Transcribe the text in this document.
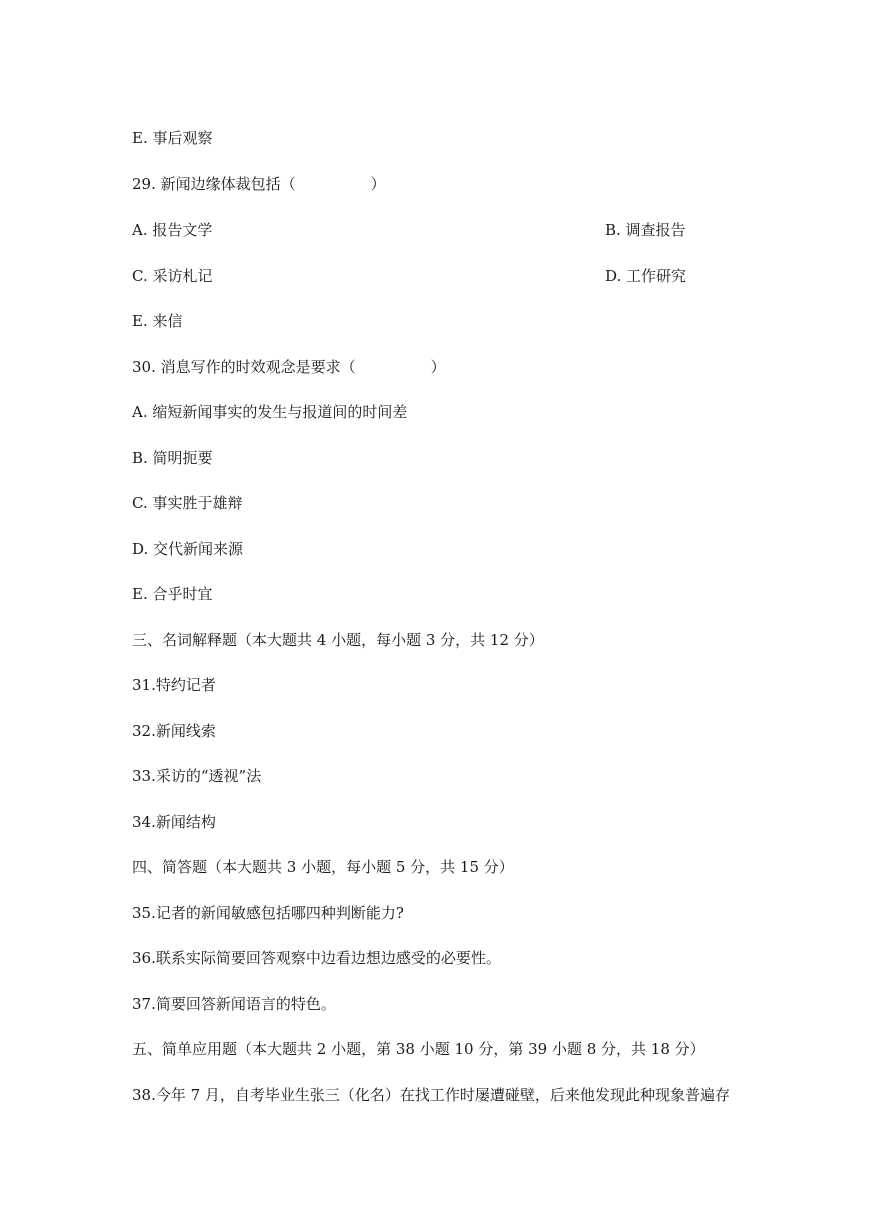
E. 事后观察
29. 新闻边缘体裁包括（　　　　　）
A. 报告文学	B. 调查报告
C. 采访札记	D. 工作研究
E. 来信
30. 消息写作的时效观念是要求（　　　　　）
A. 缩短新闻事实的发生与报道间的时间差
B. 简明扼要
C. 事实胜于雄辩
D. 交代新闻来源
E. 合乎时宜
三、名词解释题（本大题共 4 小题，每小题 3 分，共 12 分）
31.特约记者
32.新闻线索
33.采访的“透视”法
34.新闻结构
四、简答题（本大题共 3 小题，每小题 5 分，共 15 分）
35.记者的新闻敏感包括哪四种判断能力?
36.联系实际简要回答观察中边看边想边感受的必要性。
37.简要回答新闻语言的特色。
五、简单应用题（本大题共 2 小题，第 38 小题 10 分，第 39 小题 8 分，共 18 分）
38.今年 7 月，自考毕业生张三（化名）在找工作时屡遭碰壁，后来他发现此种现象普遍存
